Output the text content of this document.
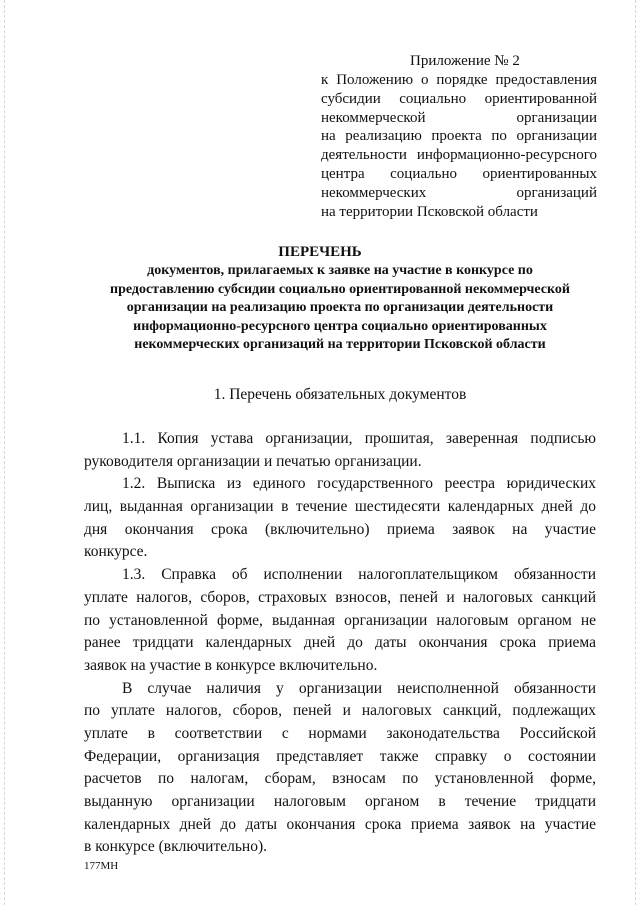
Приложение № 2
к Положению о порядке предоставления
субсидии социально ориентированной
некоммерческой организации
на реализацию проекта по организации
деятельности информационно-ресурсного
центра социально ориентированных
некоммерческих организаций
на территории Псковской области
ПЕРЕЧЕНЬ
документов, прилагаемых к заявке на участие в конкурсе по
предоставлению субсидии социально ориентированной некоммерческой
организации на реализацию проекта по организации деятельности
информационно-ресурсного центра социально ориентированных
некоммерческих организаций на территории Псковской области
1. Перечень обязательных документов
1.1. Копия устава организации, прошитая, заверенная подписью
руководителя организации и печатью организации.
1.2. Выписка из единого государственного реестра юридических
лиц, выданная организации в течение шестидесяти календарных дней до
дня окончания срока (включительно) приема заявок на участие
конкурсе.
1.3. Справка об исполнении налогоплательщиком обязанности
уплате налогов, сборов, страховых взносов, пеней и налоговых санкций
по установленной форме, выданная организации налоговым органом не
ранее тридцати календарных дней до даты окончания срока приема
заявок на участие в конкурсе включительно.
В случае наличия у организации неисполненной обязанности
по уплате налогов, сборов, пеней и налоговых санкций, подлежащих
уплате в соответствии с нормами законодательства Российской
Федерации, организация представляет также справку о состоянии
расчетов по налогам, сборам, взносам по установленной форме,
выданную организации налоговым органом в течение тридцати
календарных дней до даты окончания срока приема заявок на участие
в конкурсе (включительно).
177МН
